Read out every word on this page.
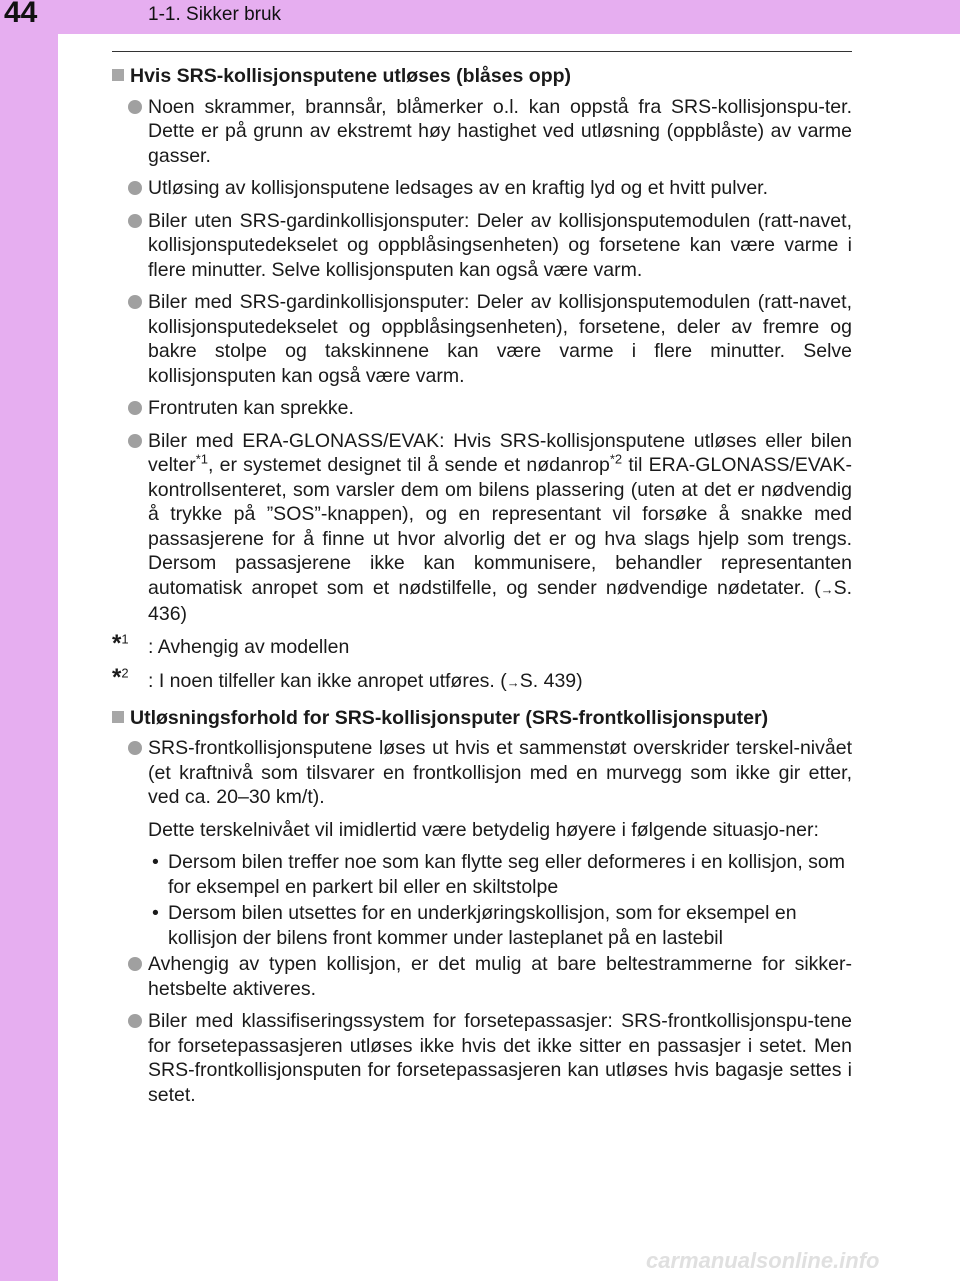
44	1-1. Sikker bruk
Hvis SRS-kollisjonsputene utløses (blåses opp)
Noen skrammer, brannsår, blåmerker o.l. kan oppstå fra SRS-kollisjonspu-ter. Dette er på grunn av ekstremt høy hastighet ved utløsning (oppblåste) av varme gasser.
Utløsing av kollisjonsputene ledsages av en kraftig lyd og et hvitt pulver.
Biler uten SRS-gardinkollisjonsputer: Deler av kollisjonsputemodulen (ratt-navet, kollisjonsputedekselet og oppblåsingsenheten) og forsetene kan være varme i flere minutter. Selve kollisjonsputen kan også være varm.
Biler med SRS-gardinkollisjonsputer: Deler av kollisjonsputemodulen (ratt-navet, kollisjonsputedekselet og oppblåsingsenheten), forsetene, deler av fremre og bakre stolpe og takskinnene kan være varme i flere minutter. Selve kollisjonsputen kan også være varm.
Frontruten kan sprekke.
Biler med ERA-GLONASS/EVAK: Hvis SRS-kollisjonsputene utløses eller bilen velter$^{*1}$, er systemet designet til å sende et nødanrop$^{*2}$ til ERA-GLONASS/EVAK-kontrollsenteret, som varsler dem om bilens plassering (uten at det er nødvendig å trykke på ”SOS”-knappen), og en representant vil forsøke å snakke med passasjerene for å finne ut hvor alvorlig det er og hva slags hjelp som trengs. Dersom passasjerene ikke kan kommunisere, behandler representanten automatisk anropet som et nødstilfelle, og sender nødvendige nødetater. (→S. 436)
*$^1$ : Avhengig av modellen
*$^2$ : I noen tilfeller kan ikke anropet utføres. (→S. 439)
Utløsningsforhold for SRS-kollisjonsputer (SRS-frontkollisjonsputer)
SRS-frontkollisjonsputene løses ut hvis et sammenstøt overskrider terskel-nivået (et kraftnivå som tilsvarer en frontkollisjon med en murvegg som ikke gir etter, ved ca. 20–30 km/t).
Dette terskelnivået vil imidlertid være betydelig høyere i følgende situasjo-ner:
• Dersom bilen treffer noe som kan flytte seg eller deformeres i en kollisjon, som for eksempel en parkert bil eller en skiltstolpe
• Dersom bilen utsettes for en underkjøringskollisjon, som for eksempel en kollisjon der bilens front kommer under lasteplanet på en lastebil
Avhengig av typen kollisjon, er det mulig at bare beltestrammerne for sikker-hetsbelte aktiveres.
Biler med klassifiseringssystem for forsetepassasjer: SRS-frontkollisjonspu-tene for forsetepassasjeren utløses ikke hvis det ikke sitter en passasjer i setet. Men SRS-frontkollisjonsputen for forsetepassasjeren kan utløses hvis bagasje settes i setet.
carmanualsonline.info
